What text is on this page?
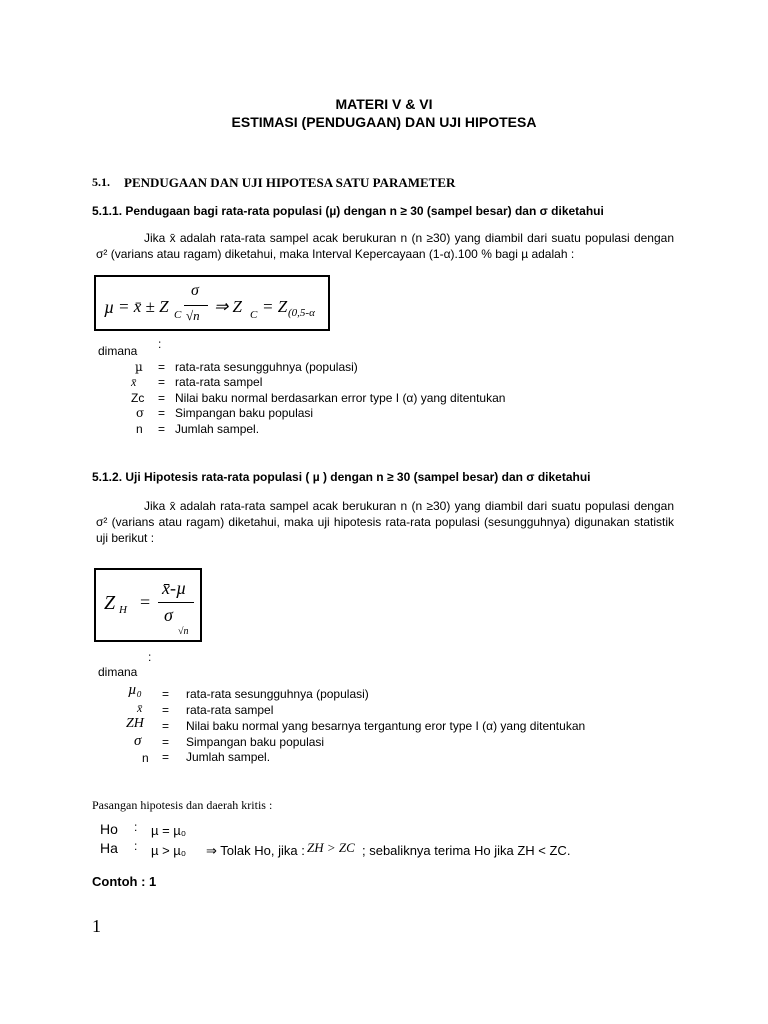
MATERI V & VI
ESTIMASI (PENDUGAAN) DAN UJI HIPOTESA
5.1. PENDUGAAN DAN UJI HIPOTESA SATU PARAMETER
5.1.1. Pendugaan bagi rata-rata populasi (µ) dengan n ≥ 30 (sampel besar) dan σ diketahui
Jika x̄ adalah rata-rata sampel acak berukuran n (n ≥30) yang diambil dari suatu populasi dengan σ² (varians atau ragam) diketahui, maka Interval Kepercayaan (1-α).100 % bagi µ adalah :
µ = x̄ ± Z C
σ
√n ⇒ Z C = Z (0,5-α
:
dimana
µ = rata-rata sesungguhnya (populasi)
x̄ = rata-rata sampel
Zc = Nilai baku normal berdasarkan error type I (α) yang ditentukan
σ = Simpangan baku populasi
n = Jumlah sampel.
5.1.2. Uji Hipotesis rata-rata populasi ( µ ) dengan n ≥ 30 (sampel besar) dan σ diketahui
Jika x̄ adalah rata-rata sampel acak berukuran n (n ≥30) yang diambil dari suatu populasi dengan σ² (varians atau ragam) diketahui, maka uji hipotesis rata-rata populasi (sesungguhnya) digunakan statistik uji berikut :
Z H =
x̄-µ
σ
√n
:
dimana
µ₀ = rata-rata sesungguhnya (populasi)
x̄ = rata-rata sampel
ZH = Nilai baku normal yang besarnya tergantung eror type I (α) yang ditentukan
σ = Simpangan baku populasi
n = Jumlah sampel.
Pasangan hipotesis dan daerah kritis :
Ho : µ = µ₀
Ha : µ > µ₀ ⇒ Tolak Ho, jika : ZH > ZC ; sebaliknya terima Ho jika ZH < ZC.
Contoh : 1
1
